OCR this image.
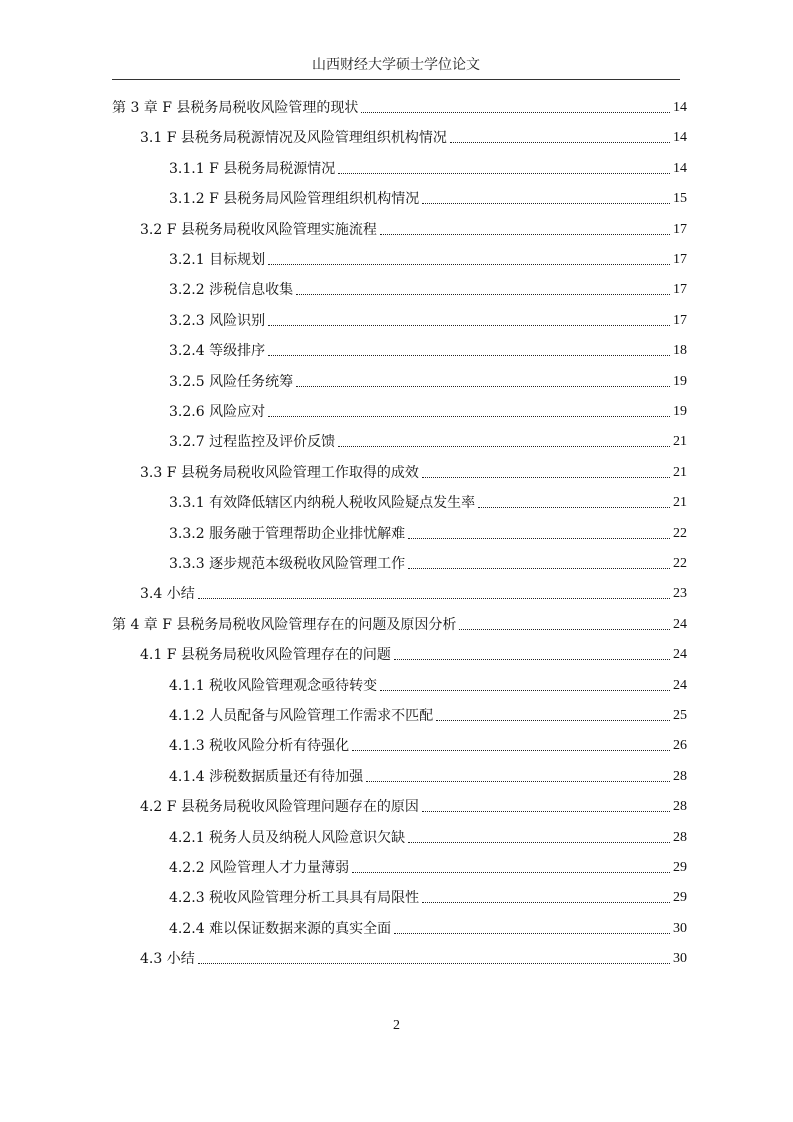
山西财经大学硕士学位论文
第 3 章 F 县税务局税收风险管理的现状	14
3.1 F 县税务局税源情况及风险管理组织机构情况	14
3.1.1 F 县税务局税源情况	14
3.1.2 F 县税务局风险管理组织机构情况	15
3.2 F 县税务局税收风险管理实施流程	17
3.2.1 目标规划	17
3.2.2 涉税信息收集	17
3.2.3 风险识别	17
3.2.4 等级排序	18
3.2.5 风险任务统筹	19
3.2.6 风险应对	19
3.2.7 过程监控及评价反馈	21
3.3 F 县税务局税收风险管理工作取得的成效	21
3.3.1 有效降低辖区内纳税人税收风险疑点发生率	21
3.3.2 服务融于管理帮助企业排忧解难	22
3.3.3 逐步规范本级税收风险管理工作	22
3.4 小结	23
第 4 章 F 县税务局税收风险管理存在的问题及原因分析	24
4.1 F 县税务局税收风险管理存在的问题	24
4.1.1 税收风险管理观念亟待转变	24
4.1.2 人员配备与风险管理工作需求不匹配	25
4.1.3 税收风险分析有待强化	26
4.1.4 涉税数据质量还有待加强	28
4.2 F 县税务局税收风险管理问题存在的原因	28
4.2.1 税务人员及纳税人风险意识欠缺	28
4.2.2 风险管理人才力量薄弱	29
4.2.3 税收风险管理分析工具具有局限性	29
4.2.4 难以保证数据来源的真实全面	30
4.3 小结	30
2
